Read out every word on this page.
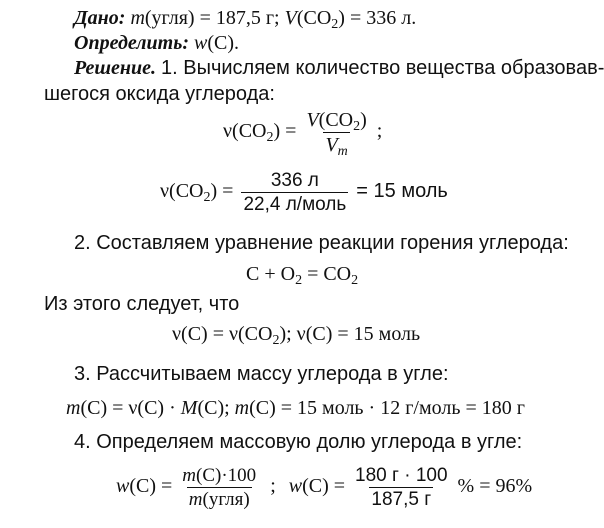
Дано: m(угля) = 187,5 г; $V(CO_2) = 336$ л.
Определить: w(С).
Решение. 1. Вычисляем количество вещества образовав-
шегося оксида углерода:
$\nu(CO_2) = \frac{V(CO_2)}{V_m}$ ;
$\nu(CO_2) = \frac{336 л}{\text{22,4 л/моль}} = 15$ моль
2. Составляем уравнение реакции горения углерода:
$С + O_2 = CO_2$
Из этого следует, что
$\nu(C) = \nu(CO_2)$; ν(C) = 15 моль
3. Рассчитываем массу углерода в угле:
m(C) = ν(C) · M(C); m(C) = 15 моль · 12 г/моль = 180 г
4. Определяем массовую долю углерода в угле:
$w(C) = \frac{m(C)\cdot 100}{\text{m(угля)}}$ ; $w(C) = \frac{180 г \cdot 100}{187,5 г}$ % = 96%
